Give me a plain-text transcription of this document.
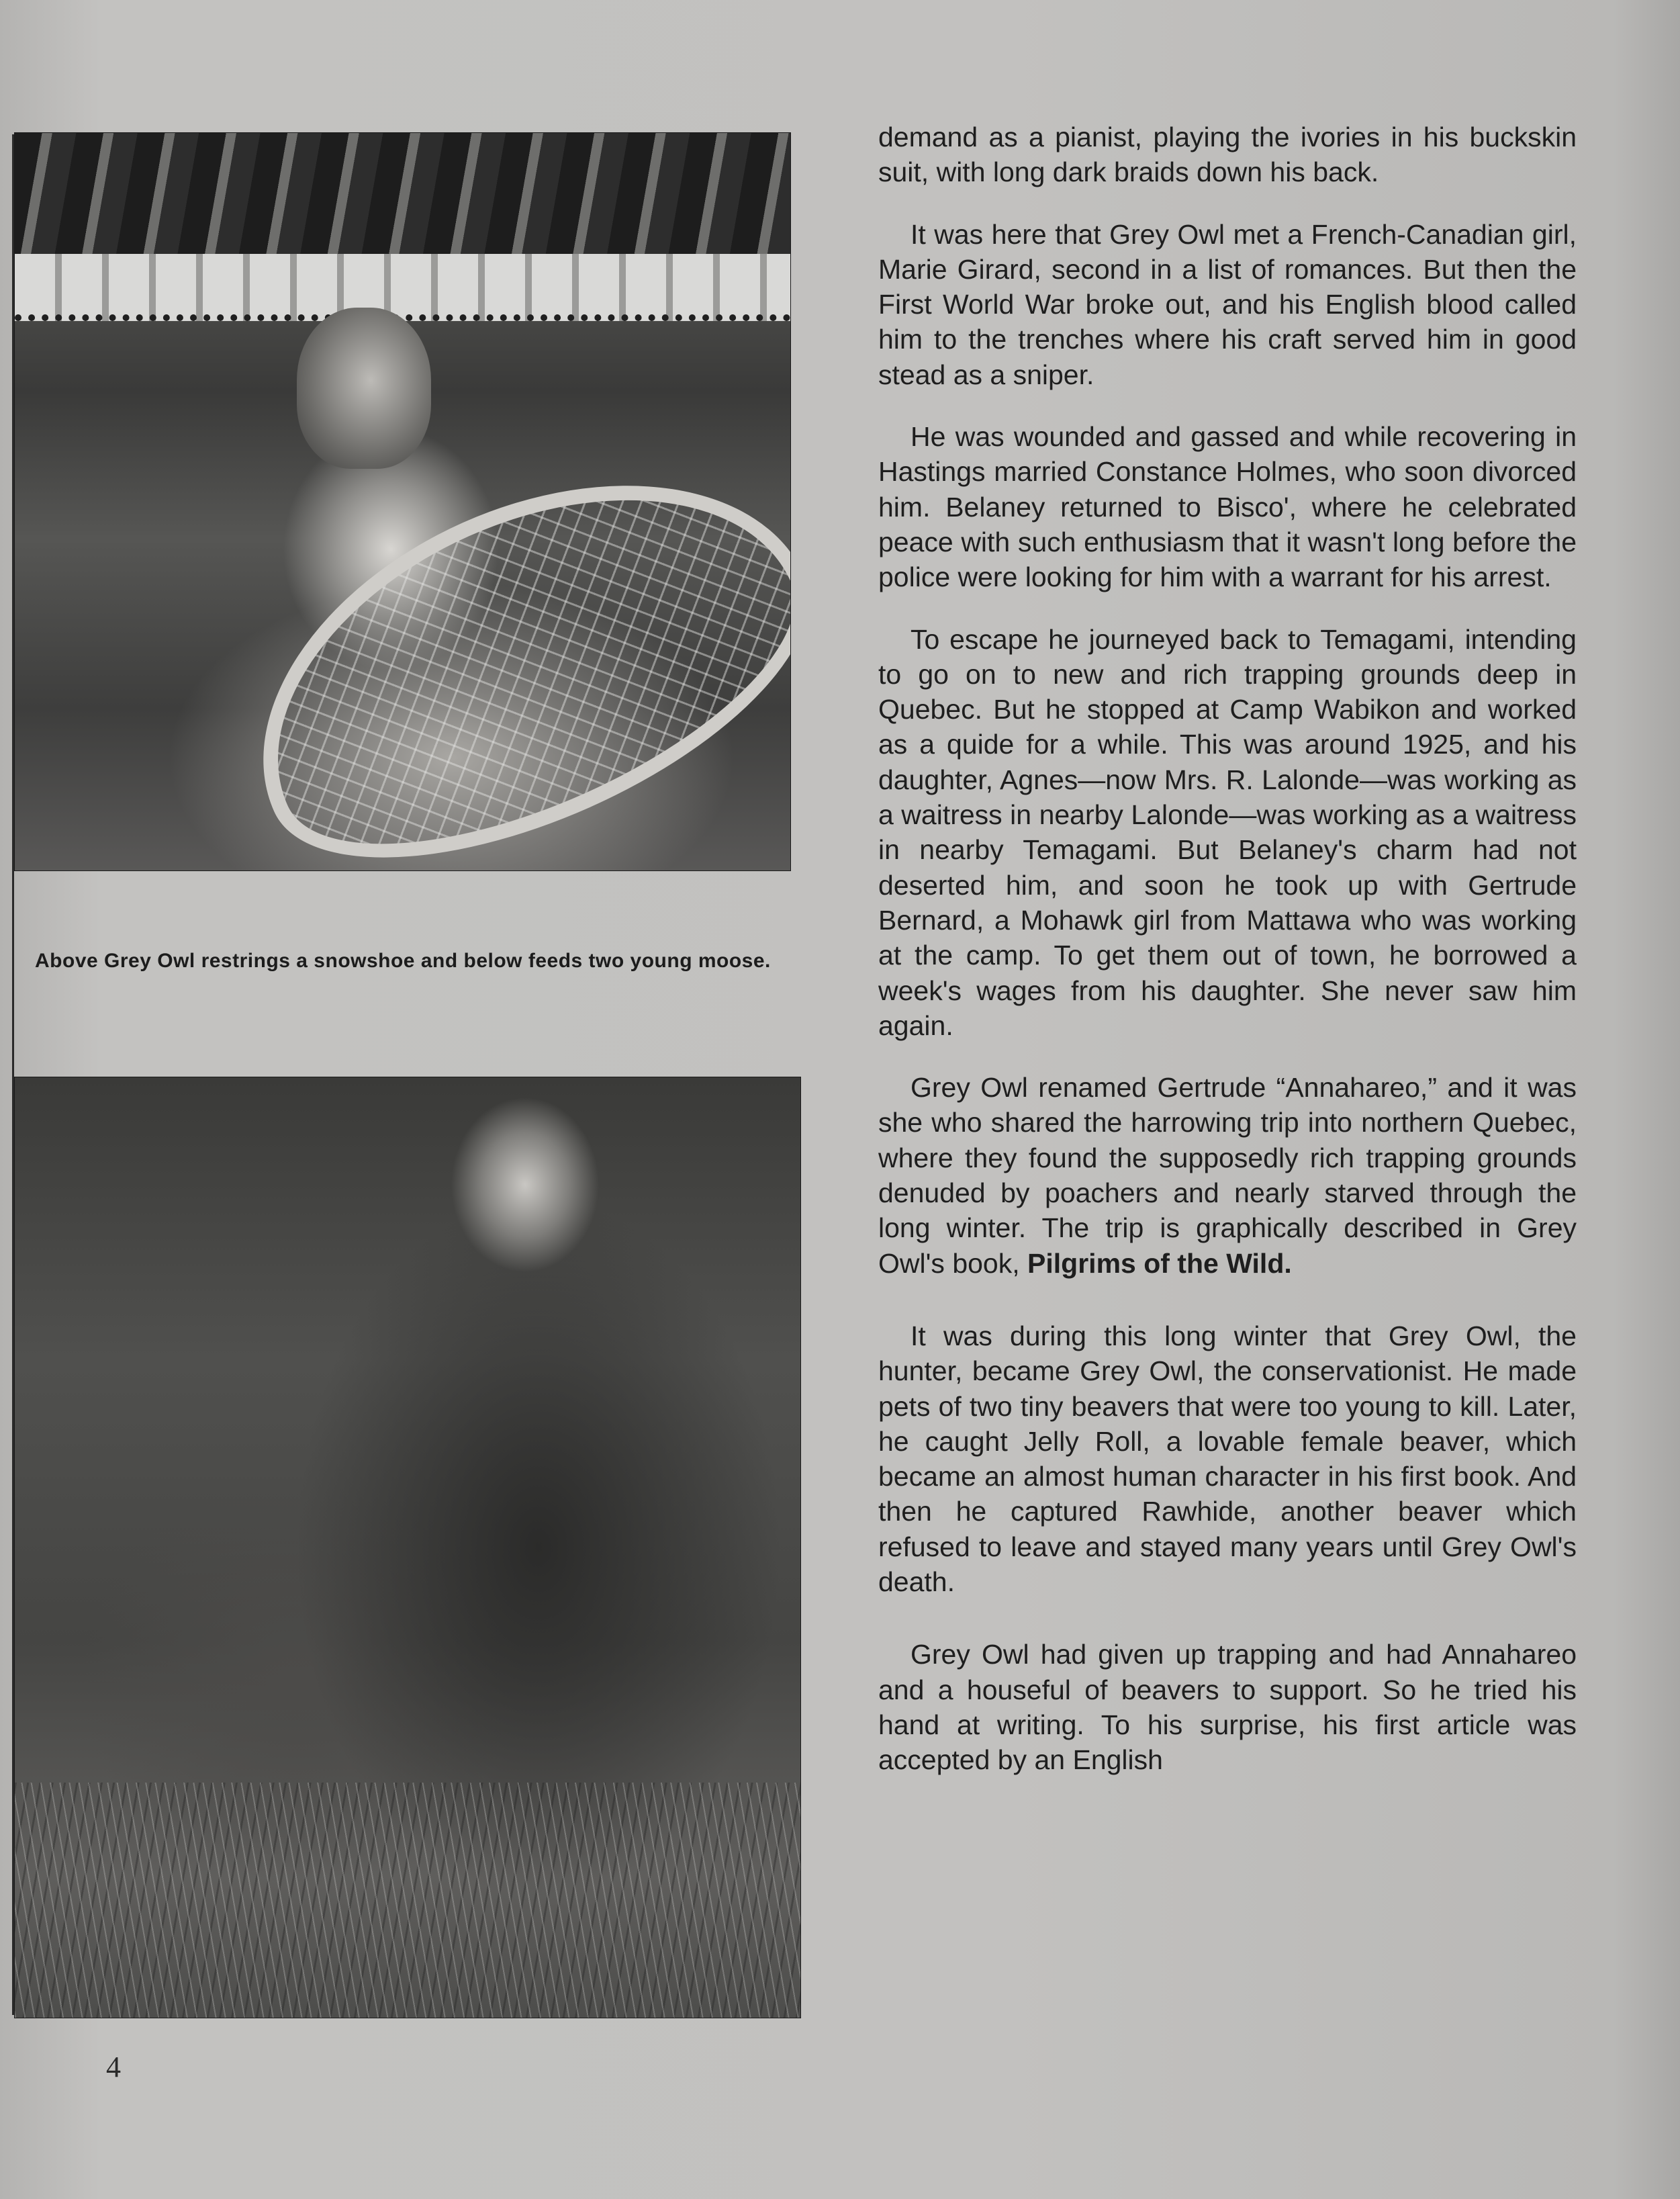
Above Grey Owl restrings a snowshoe and below feeds two young moose.

demand as a pianist, playing the ivories in his buckskin suit, with long dark braids down his back.

It was here that Grey Owl met a French-Canadian girl, Marie Girard, second in a list of romances. But then the First World War broke out, and his English blood called him to the trenches where his craft served him in good stead as a sniper.

He was wounded and gassed and while recovering in Hastings married Constance Holmes, who soon divorced him. Belaney returned to Bisco', where he celebrated peace with such enthusiasm that it wasn't long before the police were looking for him with a warrant for his arrest.

To escape he journeyed back to Temagami, intending to go on to new and rich trapping grounds deep in Quebec. But he stopped at Camp Wabikon and worked as a quide for a while. This was around 1925, and his daughter, Agnes—now Mrs. R. Lalonde—was working as a waitress in nearby Lalonde—was working as a waitress in nearby Temagami. But Belaney's charm had not deserted him, and soon he took up with Gertrude Bernard, a Mohawk girl from Mattawa who was working at the camp. To get them out of town, he borrowed a week's wages from his daughter. She never saw him again.

Grey Owl renamed Gertrude “Annahareo,” and it was she who shared the harrowing trip into northern Quebec, where they found the supposedly rich trapping grounds denuded by poachers and nearly starved through the long winter. The trip is graphically described in Grey Owl's book, Pilgrims of the Wild.

It was during this long winter that Grey Owl, the hunter, became Grey Owl, the conservationist. He made pets of two tiny beavers that were too young to kill. Later, he caught Jelly Roll, a lovable female beaver, which became an almost human character in his first book. And then he captured Rawhide, another beaver which refused to leave and stayed many years until Grey Owl's death.

Grey Owl had given up trapping and had Annahareo and a houseful of beavers to support. So he tried his hand at writing. To his surprise, his first article was accepted by an English

4
